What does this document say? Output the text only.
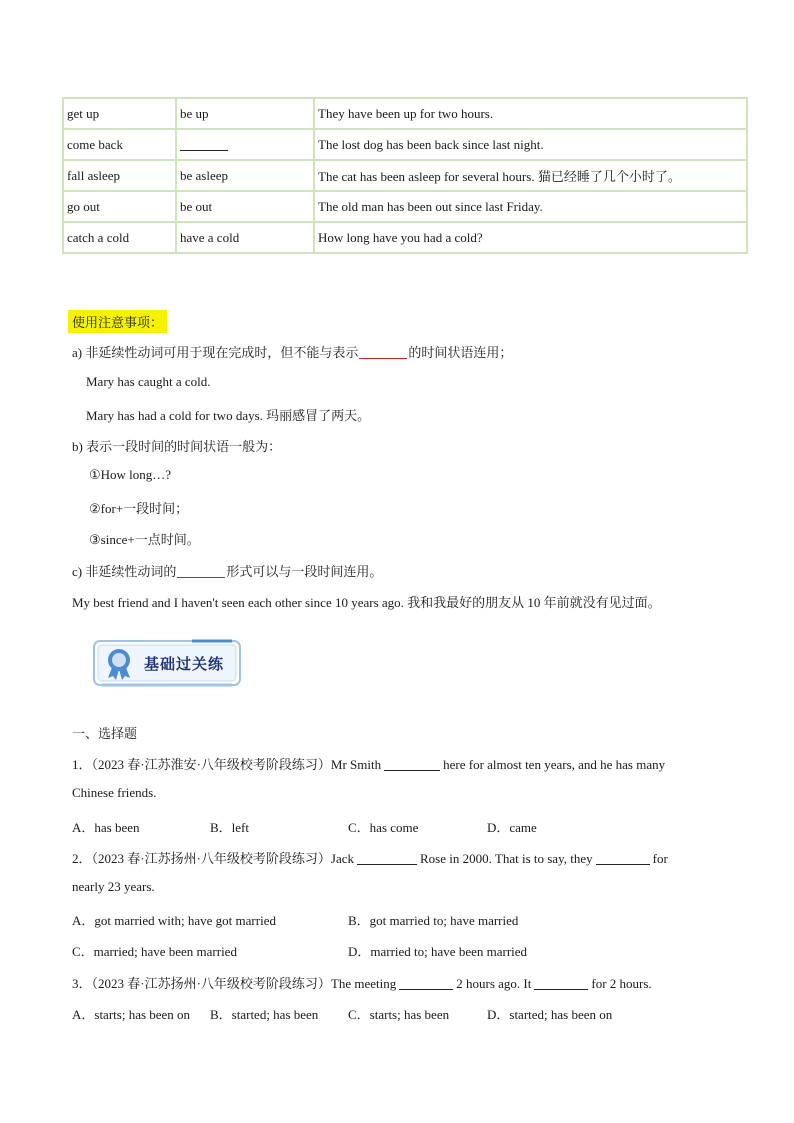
get up	be up	They have been up for two hours.
come back		The lost dog has been back since last night.
fall asleep	be asleep	The cat has been asleep for several hours. 猫已经睡了几个小时了。
go out	be out	The old man has been out since last Friday.
catch a cold	have a cold	How long have you had a cold?
使用注意事项：
a) 非延续性动词可用于现在完成时，但不能与表示	的时间状语连用；
Mary has caught a cold.
Mary has had a cold for two days. 玛丽感冒了两天。
b) 表示一段时间的时间状语一般为：
①How long…?
②for+一段时间；
③since+一点时间。
c) 非延续性动词的	形式可以与一段时间连用。
My best friend and I haven't seen each other since 10 years ago. 我和我最好的朋友从 10 年前就没有见过面。
基础过关练
一、选择题
1．（2023 春·江苏淮安·八年级校考阶段练习）Mr Smith	here for almost ten years, and he has many
Chinese friends.
A．has been	B．left	C．has come	D．came
2．（2023 春·江苏扬州·八年级校考阶段练习）Jack	Rose in 2000. That is to say, they	for
nearly 23 years.
A．got married with; have got married	B．got married to; have married
C．married; have been married	D．married to; have been married
3．（2023 春·江苏扬州·八年级校考阶段练习）The meeting	2 hours ago. It	for 2 hours.
A．starts; has been on B．started; has been C．starts; has been	D．started; has been on
